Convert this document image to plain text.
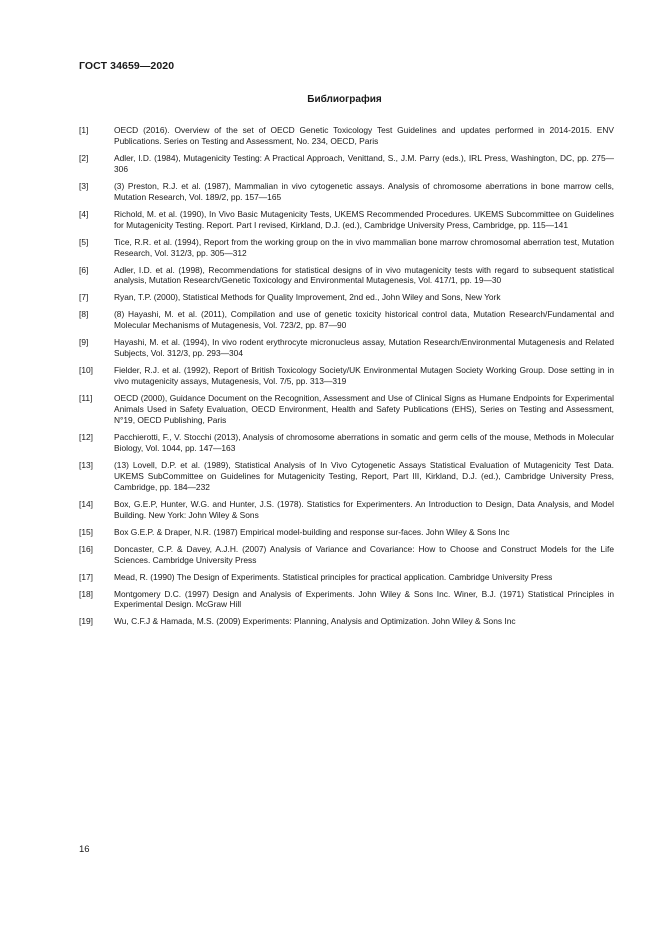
ГОСТ 34659—2020
Библиография
[1]	OECD (2016). Overview of the set of OECD Genetic Toxicology Test Guidelines and updates performed in 2014-2015. ENV Publications. Series on Testing and Assessment, No. 234, OECD, Paris
[2]	Adler, I.D. (1984), Mutagenicity Testing: A Practical Approach, Venittand, S., J.M. Parry (eds.), IRL Press, Washington, DC, pp. 275—306
[3]	(3) Preston, R.J. et al. (1987), Mammalian in vivo cytogenetic assays. Analysis of chromosome aberrations in bone marrow cells, Mutation Research, Vol. 189/2, pp. 157—165
[4]	Richold, M. et al. (1990), In Vivo Basic Mutagenicity Tests, UKEMS Recommended Procedures. UKEMS Subcommittee on Guidelines for Mutagenicity Testing. Report. Part I revised, Kirkland, D.J. (ed.), Cambridge University Press, Cambridge, pp. 115—141
[5]	Tice, R.R. et al. (1994), Report from the working group on the in vivo mammalian bone marrow chromosomal aberration test, Mutation Research, Vol. 312/3, pp. 305—312
[6]	Adler, I.D. et al. (1998), Recommendations for statistical designs of in vivo mutagenicity tests with regard to subsequent statistical analysis, Mutation Research/Genetic Toxicology and Environmental Mutagenesis, Vol. 417/1, pp. 19—30
[7]	Ryan, T.P. (2000), Statistical Methods for Quality Improvement, 2nd ed., John Wiley and Sons, New York
[8]	(8) Hayashi, M. et al. (2011), Compilation and use of genetic toxicity historical control data, Mutation Research/Fundamental and Molecular Mechanisms of Mutagenesis, Vol. 723/2, pp. 87—90
[9]	Hayashi, M. et al. (1994), In vivo rodent erythrocyte micronucleus assay, Mutation Research/Environmental Mutagenesis and Related Subjects, Vol. 312/3, pp. 293—304
[10]	Fielder, R.J. et al. (1992), Report of British Toxicology Society/UK Environmental Mutagen Society Working Group. Dose setting in in vivo mutagenicity assays, Mutagenesis, Vol. 7/5, pp. 313—319
[11]	OECD (2000), Guidance Document on the Recognition, Assessment and Use of Clinical Signs as Humane Endpoints for Experimental Animals Used in Safety Evaluation, OECD Environment, Health and Safety Publications (EHS), Series on Testing and Assessment, N°19, OECD Publishing, Paris
[12]	Pacchierotti, F., V. Stocchi (2013), Analysis of chromosome aberrations in somatic and germ cells of the mouse, Methods in Molecular Biology, Vol. 1044, pp. 147—163
[13]	(13) Lovell, D.P. et al. (1989), Statistical Analysis of In Vivo Cytogenetic Assays Statistical Evaluation of Mutagenicity Test Data. UKEMS SubCommittee on Guidelines for Mutagenicity Testing, Report, Part III, Kirkland, D.J. (ed.), Cambridge University Press, Cambridge, pp. 184—232
[14]	Box, G.E.P, Hunter, W.G. and Hunter, J.S. (1978). Statistics for Experimenters. An Introduction to Design, Data Analysis, and Model Building. New York: John Wiley & Sons
[15]	Box G.E.P. & Draper, N.R. (1987) Empirical model-building and response sur-faces. John Wiley & Sons Inc
[16]	Doncaster, C.P. & Davey, A.J.H. (2007) Analysis of Variance and Covariance: How to Choose and Construct Models for the Life Sciences. Cambridge University Press
[17]	Mead, R. (1990) The Design of Experiments. Statistical principles for practical application. Cambridge University Press
[18]	Montgomery D.C. (1997) Design and Analysis of Experiments. John Wiley & Sons Inc. Winer, B.J. (1971) Statistical Principles in Experimental Design. McGraw Hill
[19]	Wu, C.F.J & Hamada, M.S. (2009) Experiments: Planning, Analysis and Optimization. John Wiley & Sons Inc
16
